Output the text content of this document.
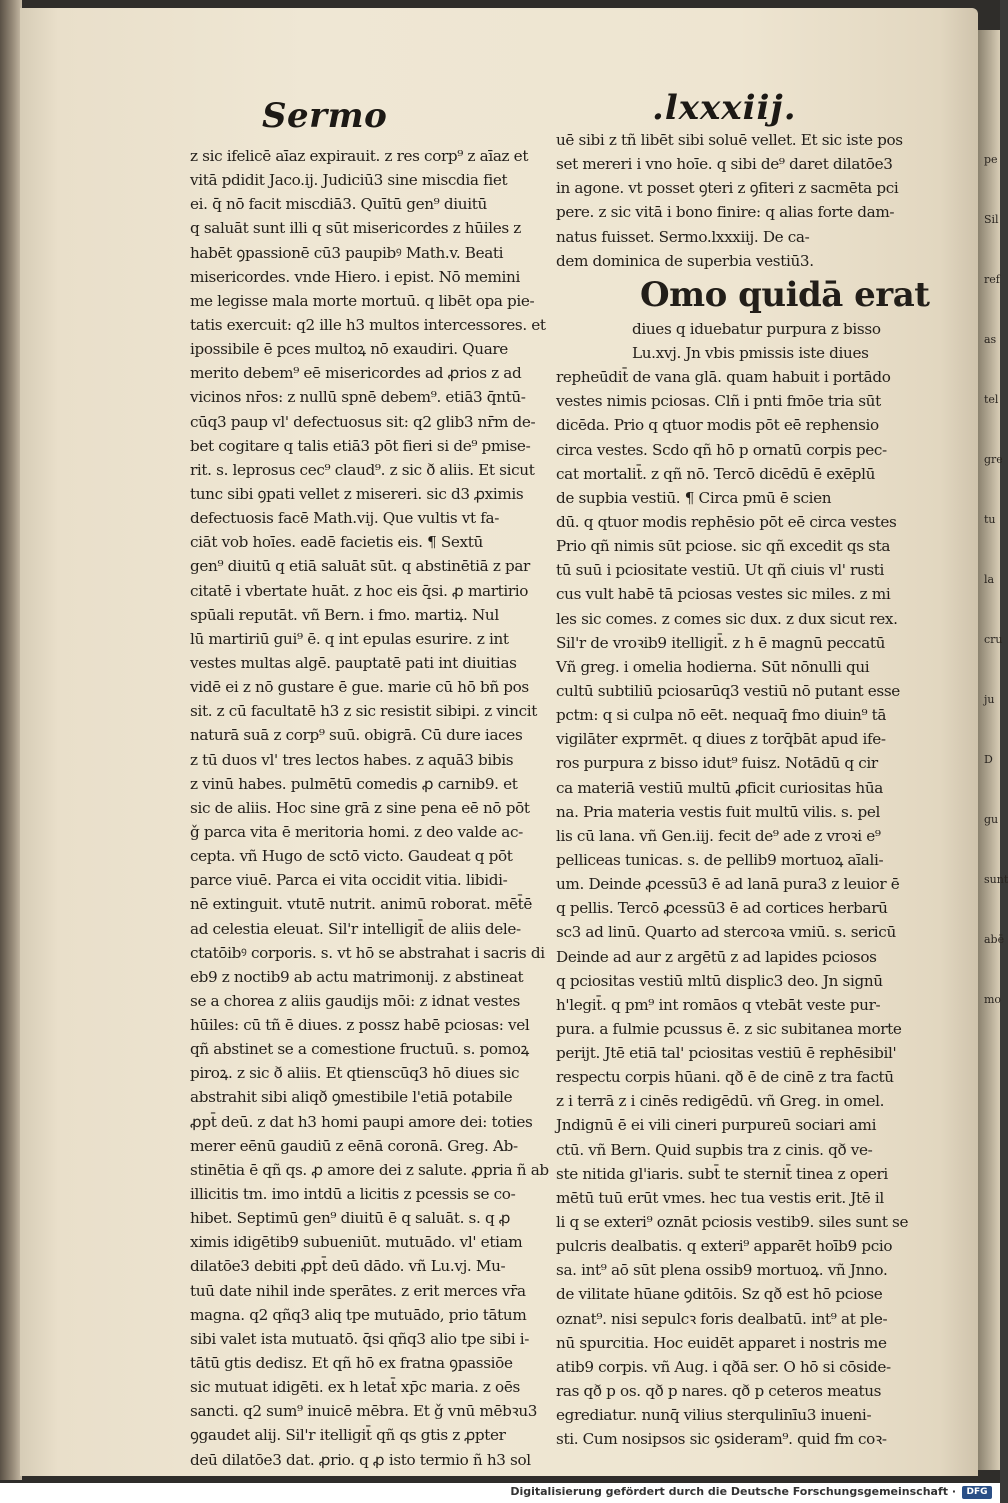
pe
Sil
ref
as
tel
gre
tu
la
cru
ju
D
gu
sunt
abē
mo
Sermo	.lxxxiij.
z sic ifelicē aīaz expirauit. z res corp⁹ z aīaz et
vitā pdidit Jaco.ij. Judiciū3 sine miscdia fiet
ei. q̄ nō facit miscdiā3. Quītū gen⁹ diuitū
q saluāt sunt illi q sūt misericordes z hūiles z
habēt ꝯpassionē cū3 paupibꝰ Math.v. Beati
misericordes. vnde Hiero. i epist. Nō memini
me legisse mala morte mortuū. q libēt opa pie-
tatis exercuit: q2 ille h3 multos intercessores. et
ipossibile ē pces multoꝝ nō exaudiri. Quare
merito debem⁹ eē misericordes ad ꝓrios z ad
vicinos nr̄os: z nullū spnē debem⁹. etiā3 q̄ntū-
cūq3 paup vl' defectuosus sit: q2 glib3 nr̄m de-
bet cogitare q talis etiā3 pōt fieri si de⁹ pmise-
rit. s. leprosus cec⁹ claud⁹. z sic ð aliis. Et sicut
tunc sibi ꝯpati vellet z misereri. sic d3 ꝓximis
defectuosis facē Math.vij. Que vultis vt fa-
ciāt vob hoīes. eadē facietis eis. ¶ Sextū
gen⁹ diuitū q etiā saluāt sūt. q abstinētiā z par
citatē i vbertate huāt. z hoc eis q̄si. ꝓ martirio
spūali reputāt. vñ Bern. i fmo. martiꝝ. Nul
lū martiriū gui⁹ ē. q int epulas esurire. z int
vestes multas algē. pauptatē pati int diuitias
vidē ei z nō gustare ē gue. marie cū hō bñ pos
sit. z cū facultatē h3 z sic resistit sibipi. z vincit
naturā suā z corp⁹ suū. obigrā. Cū dure iaces
z tū duos vl' tres lectos habes. z aquā3 bibis
z vinū habes. pulmētū comedis ꝓ carnib9. et
sic de aliis. Hoc sine grā z sine pena eē nō pōt
ǧ parca vita ē meritoria homi. z deo valde ac-
cepta. vñ Hugo de sctō victo. Gaudeat q pōt
parce viuē. Parca ei vita occidit vitia. libidi-
nē extinguit. vtutē nutrit. animū roborat. mēt̄ē
ad celestia eleuat. Sil'r intelligit̄ de aliis dele-
ctatōibꝰ corporis. s. vt hō se abstrahat i sacris di
eb9 z noctib9 ab actu matrimonij. z abstineat
se a chorea z aliis gaudijs mōi: z idnat vestes
hūiles: cū tñ ē diues. z possz habē pciosas: vel
qñ abstinet se a comestione fructuū. s. pomoꝝ
piroꝝ. z sic ð aliis. Et qtienscūq3 hō diues sic
abstrahit sibi aliqð ꝯmestibile l'etiā potabile
ꝓpt̄ deū. z dat h3 homi paupi amore dei: toties
merer eēnū gaudiū z eēnā coronā. Greg. Ab-
stinētia ē qñ qs. ꝓ amore dei z salute. ꝓpria ñ ab
illicitis tm. imo intdū a licitis z pcessis se co-
hibet. Septimū gen⁹ diuitū ē q saluāt. s. q ꝓ
ximis idigētib9 subueniūt. mutuādo. vl' etiam
dilatōe3 debiti ꝓpt̄ deū dādo. vñ Lu.vj. Mu-
tuū date nihil inde sperātes. z erit merces vr̄a
magna. q2 qñq3 aliq tpe mutuādo, prio tātum
sibi valet ista mutuatō. q̄si qñq3 alio tpe sibi i-
tātū gtis dedisz. Et qñ hō ex fratna ꝯpassiōe
sic mutuat idigēti. ex h letat̄ xp̄c maria. z oēs
sancti. q2 sum⁹ inuicē mēbra. Et ǧ vnū mēbꝛu3
ꝯgaudet alij. Sil'r itelligit̄ qñ qs gtis z ꝓpter
deū dilatōe3 dat. ꝓrio. q ꝓ isto termio ñ h3 sol
uē sibi z tñ libēt sibi soluē vellet. Et sic iste pos
set mereri i vno hoīe. q sibi de⁹ daret dilatōe3
in agone. vt posset ꝯteri z ꝯfiteri z sacmēta pci
pere. z sic vitā i bono finire: q alias forte dam-
natus fuisset. Sermo.lxxxiij. De ca-
dem dominica de superbia vestiū3.
Omo quidā erat
diues q iduebatur purpura z bisso
Lu.xvj. Jn vbis pmissis iste diues
repheūdit̄ de vana glā. quam habuit i portādo
vestes nimis pciosas. Clñ i pnti fmōe tria sūt
dicēda. Prio q qtuor modis pōt eē rephensio
circa vestes. Scdo qñ hō p ornatū corpis pec-
cat mortalit̄. z qñ nō. Tercō dicēdū ē exēplū
de supbia vestiū. ¶ Circa pmū ē scien
dū. q qtuor modis rephēsio pōt eē circa vestes
Prio qñ nimis sūt pciose. sic qñ excedit qs sta
tū suū i pciositate vestiū. Ut qñ ciuis vl' rusti
cus vult habē tā pciosas vestes sic miles. z mi
les sic comes. z comes sic dux. z dux sicut rex.
Sil'r de vroꝛib9 itelligit̄. z h ē magnū peccatū
Vñ greg. i omelia hodierna. Sūt nōnulli qui
cultū subtiliū pciosarūq3 vestiū nō putant esse
pctm: q si culpa nō eēt. nequaq̄ fmo diuin⁹ tā
vigilāter exprmēt. q diues z torq̄bāt apud ife-
ros purpura z bisso idut⁹ fuisz. Notādū q cir
ca materiā vestiū multū ꝓficit curiositas hūa
na. Pria materia vestis fuit multū vilis. s. pel
lis cū lana. vñ Gen.iij. fecit de⁹ ade z vroꝛi e⁹
pelliceas tunicas. s. de pellib9 mortuoꝝ aīali-
um. Deinde ꝓcessū3 ē ad lanā pura3 z leuior ē
q pellis. Tercō ꝓcessū3 ē ad cortices herbarū
sc3 ad linū. Quarto ad stercoꝛa vmiū. s. sericū
Deinde ad aur z argētū z ad lapides pciosos
q pciositas vestiū mltū displic3 deo. Jn signū
h'legit̄. q pm⁹ int romāos q vtebāt veste pur-
pura. a fulmie pcussus ē. z sic subitanea morte
perijt. Jtē etiā tal' pciositas vestiū ē rephēsibil'
respectu corpis hūani. qð ē de cinē z tra factū
z i terrā z i cinēs redigēdū. vñ Greg. in omel.
Jndignū ē ei vili cineri purpureū sociari ami
ctū. vñ Bern. Quid supbis tra z cinis. qð ve-
ste nitida gl'iaris. subt̄ te sternit̄ tinea z operi
mētū tuū erūt vmes. hec tua vestis erit. Jtē il
li q se exteri⁹ oznāt pciosis vestib9. siles sunt se
pulcris dealbatis. q exteri⁹ apparēt hoīb9 pcio
sa. int⁹ aō sūt plena ossib9 mortuoꝝ. vñ Jnno.
de vilitate hūane ꝯditōis. Sz qð est hō pciose
oznat⁹. nisi sepulcꝛ foris dealbatū. int⁹ at ple-
nū spurcitia. Hoc euidēt apparet i nostris me
atib9 corpis. vñ Aug. i qðā ser. O hō si cōside-
ras qð p os. qð p nares. qð p ceteros meatus
egrediatur. nunq̄ vilius sterqulinīu3 inueni-
sti. Cum nosipsos sic ꝯsideram⁹. quid fm coꝛ-
Digitalisierung gefördert durch die Deutsche Forschungsgemeinschaft ·	DFG
